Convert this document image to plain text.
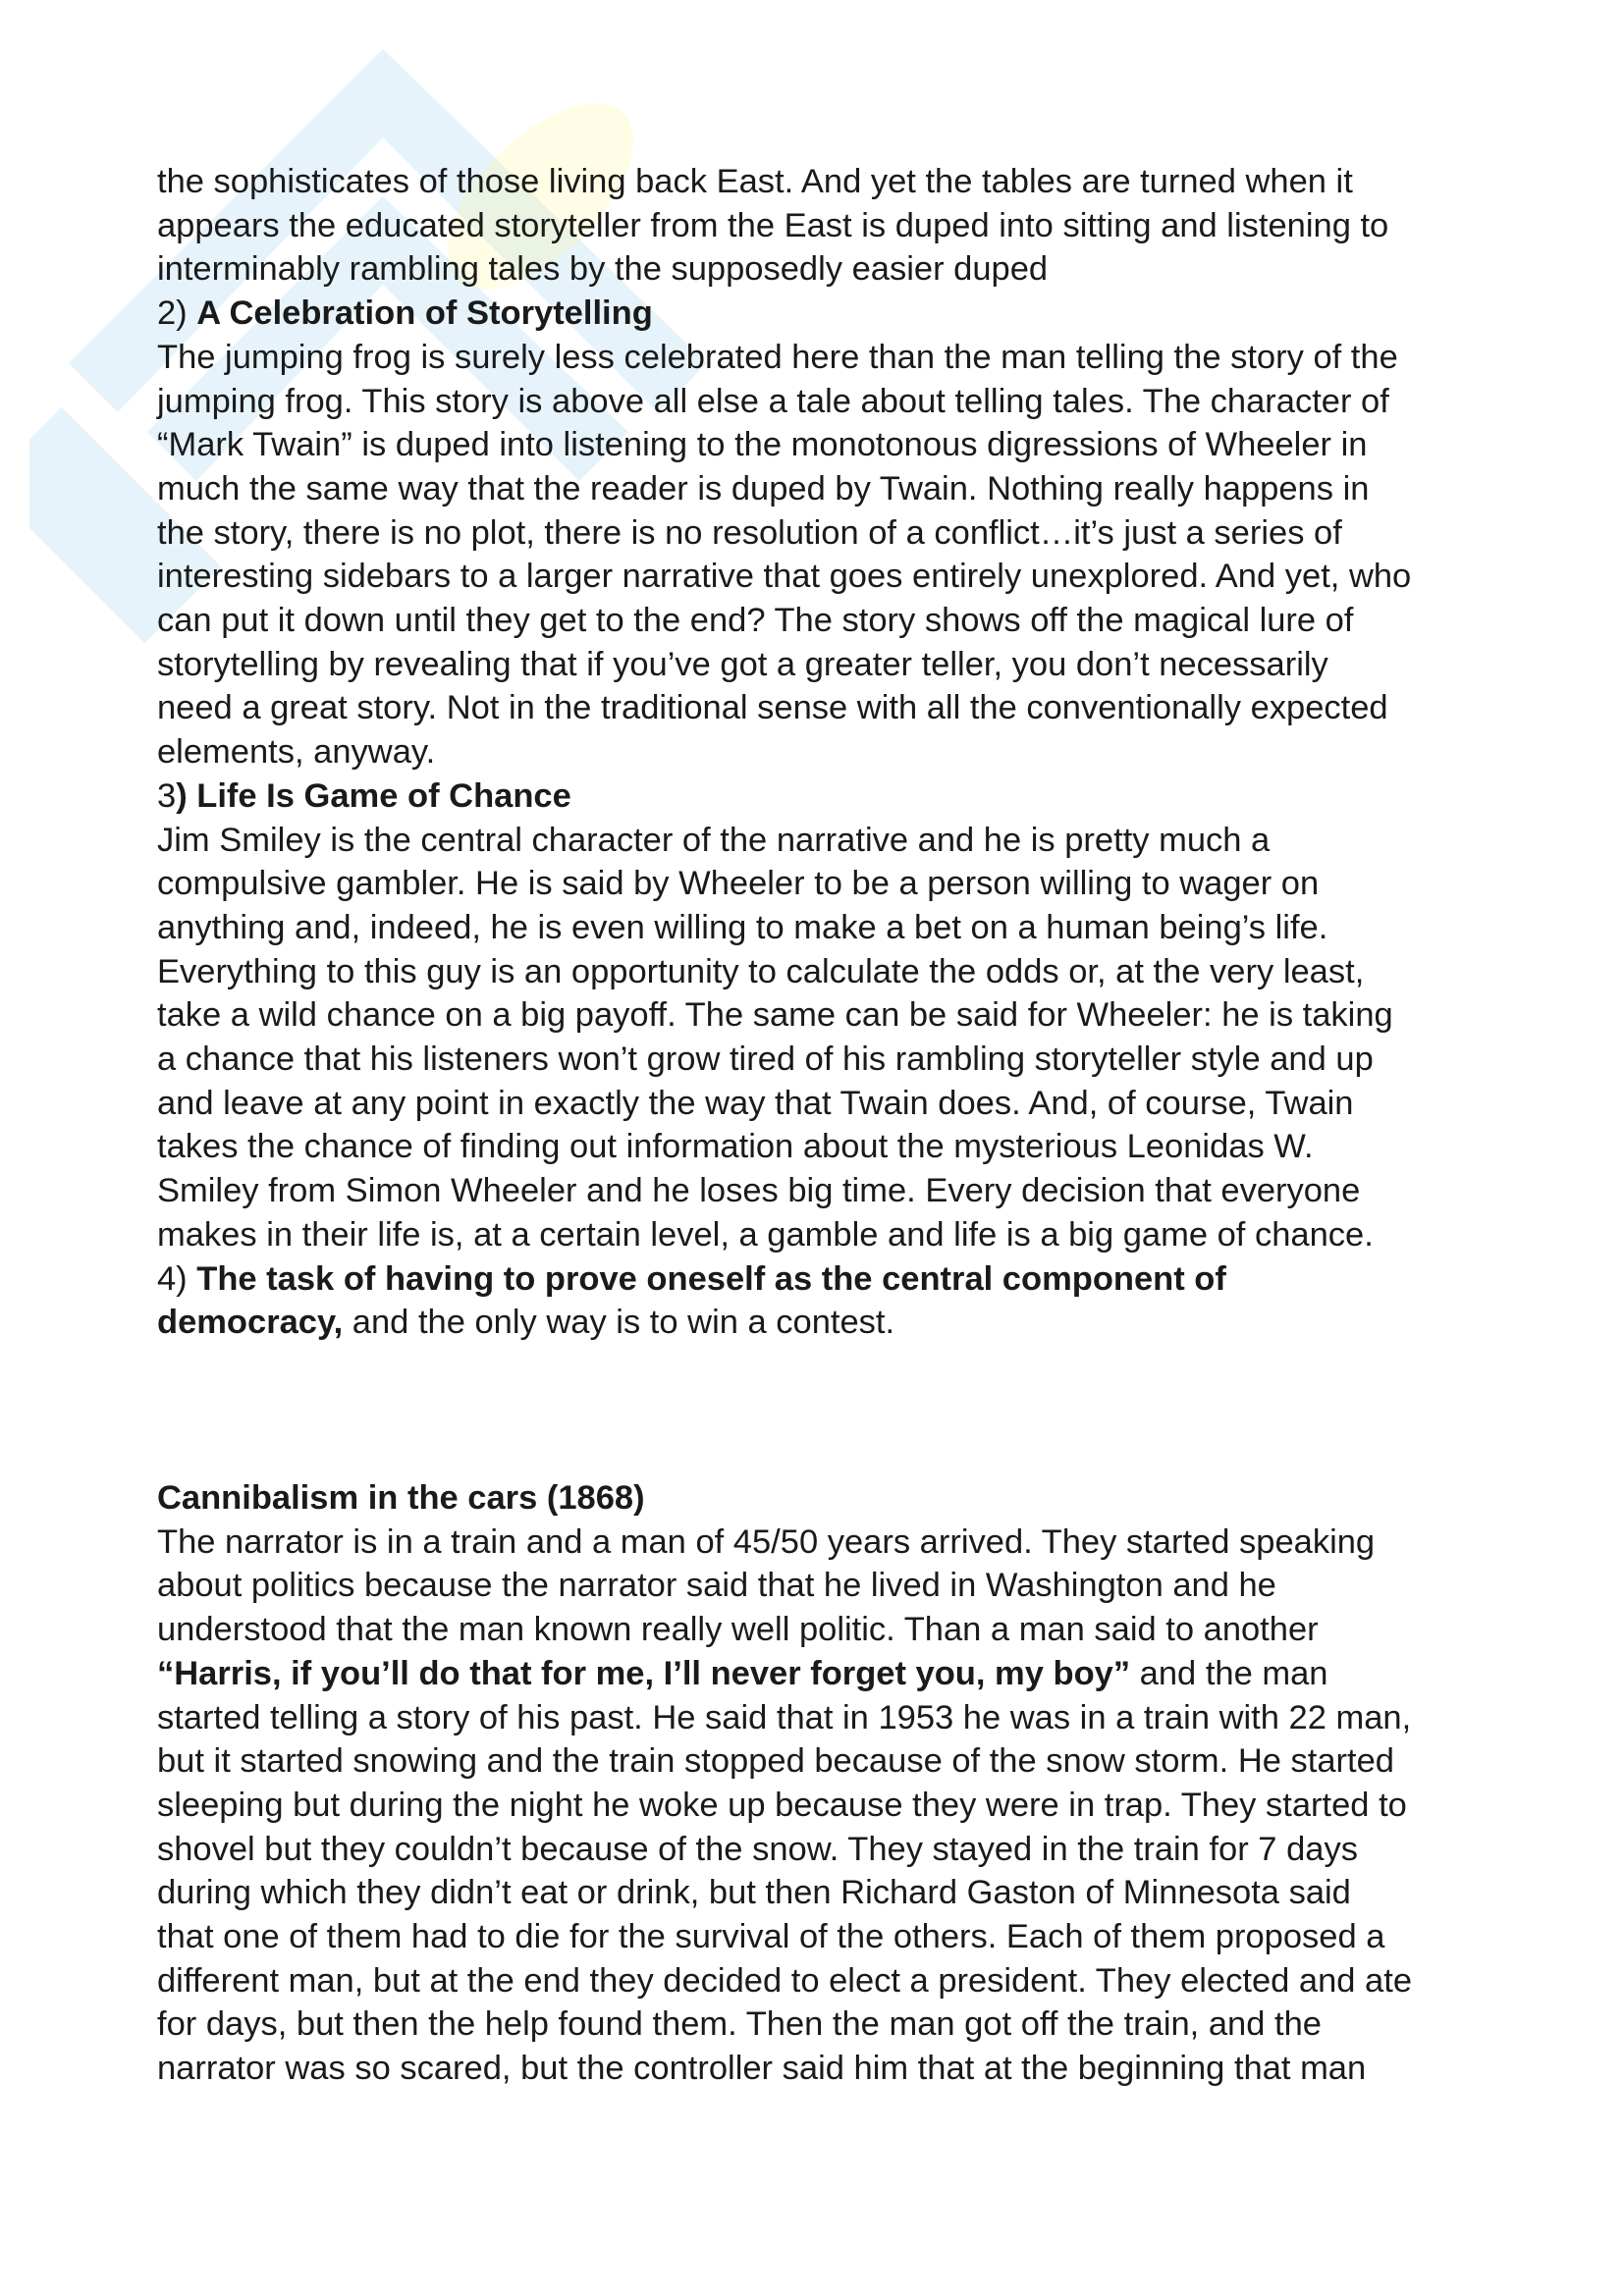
the sophisticates of those living back East. And yet the tables are turned when it
appears the educated storyteller from the East is duped into sitting and listening to
interminably rambling tales by the supposedly easier duped
2) A Celebration of Storytelling
The jumping frog is surely less celebrated here than the man telling the story of the
jumping frog. This story is above all else a tale about telling tales. The character of
“Mark Twain” is duped into listening to the monotonous digressions of Wheeler in
much the same way that the reader is duped by Twain. Nothing really happens in
the story, there is no plot, there is no resolution of a conflict…it’s just a series of
interesting sidebars to a larger narrative that goes entirely unexplored. And yet, who
can put it down until they get to the end? The story shows off the magical lure of
storytelling by revealing that if you’ve got a greater teller, you don’t necessarily
need a great story. Not in the traditional sense with all the conventionally expected
elements, anyway.
3) Life Is Game of Chance
Jim Smiley is the central character of the narrative and he is pretty much a
compulsive gambler. He is said by Wheeler to be a person willing to wager on
anything and, indeed, he is even willing to make a bet on a human being’s life.
Everything to this guy is an opportunity to calculate the odds or, at the very least,
take a wild chance on a big payoff. The same can be said for Wheeler: he is taking
a chance that his listeners won’t grow tired of his rambling storyteller style and up
and leave at any point in exactly the way that Twain does. And, of course, Twain
takes the chance of finding out information about the mysterious Leonidas W.
Smiley from Simon Wheeler and he loses big time. Every decision that everyone
makes in their life is, at a certain level, a gamble and life is a big game of chance.
4) The task of having to prove oneself as the central component of
democracy, and the only way is to win a contest.
Cannibalism in the cars (1868)
The narrator is in a train and a man of 45/50 years arrived. They started speaking
about politics because the narrator said that he lived in Washington and he
understood that the man known really well politic. Than a man said to another
“Harris, if you’ll do that for me, I’ll never forget you, my boy” and the man
started telling a story of his past. He said that in 1953 he was in a train with 22 man,
but it started snowing and the train stopped because of the snow storm. He started
sleeping but during the night he woke up because they were in trap. They started to
shovel but they couldn’t because of the snow. They stayed in the train for 7 days
during which they didn’t eat or drink, but then Richard Gaston of Minnesota said
that one of them had to die for the survival of the others. Each of them proposed a
different man, but at the end they decided to elect a president. They elected and ate
for days, but then the help found them. Then the man got off the train, and the
narrator was so scared, but the controller said him that at the beginning that man
